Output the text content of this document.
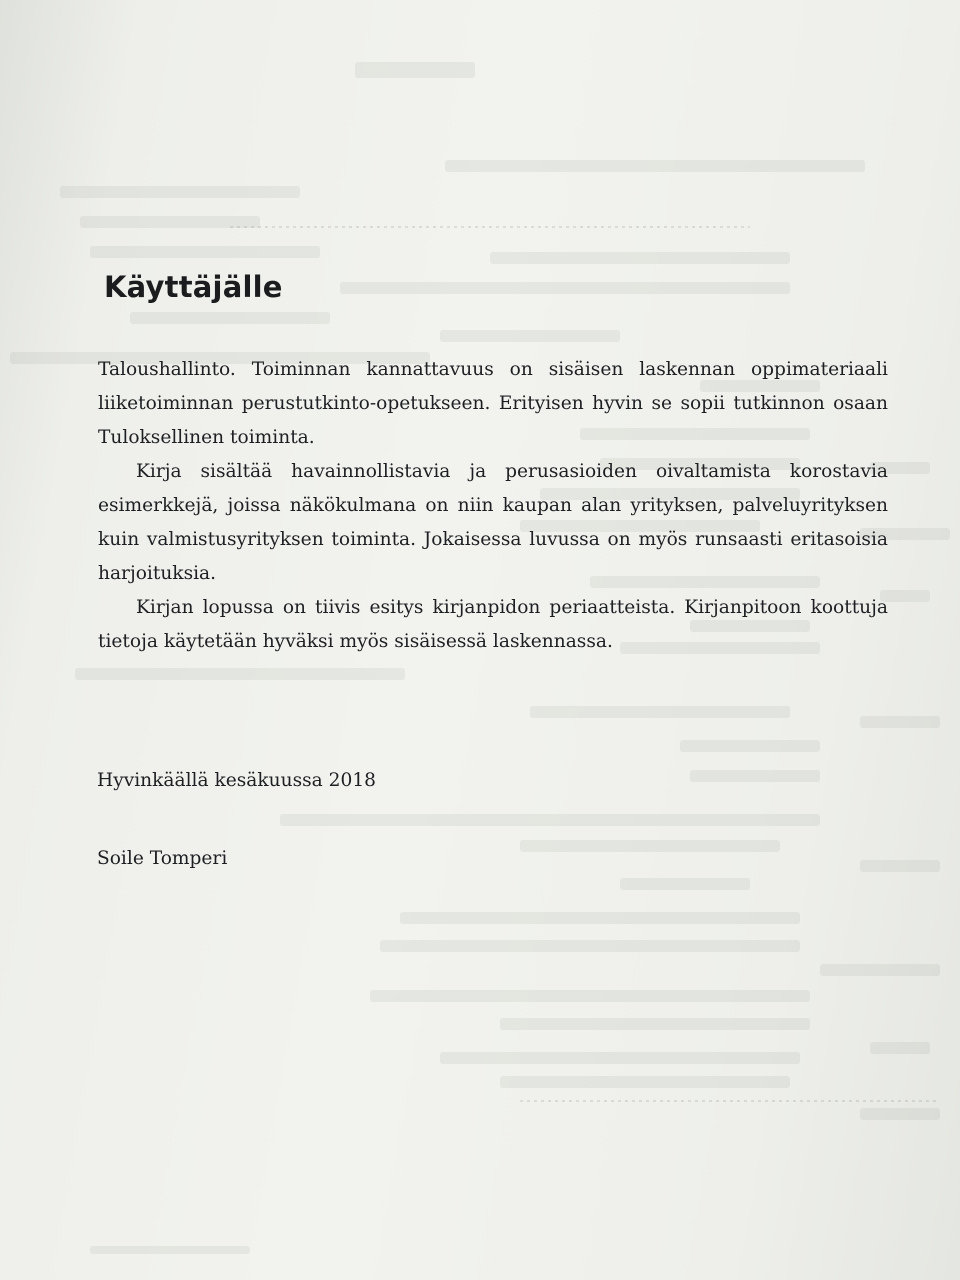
Käyttäjälle

Taloushallinto. Toiminnan kannattavuus on sisäisen laskennan oppimateriaali liiketoiminnan perustutkinto-opetukseen. Erityisen hyvin se sopii tutkinnon osaan Tuloksellinen toiminta.

Kirja sisältää havainnollistavia ja perusasioiden oivaltamista korostavia esimerkkejä, joissa näkökulmana on niin kaupan alan yrityksen, palveluyrityksen kuin valmistusyrityksen toiminta. Jokaisessa luvussa on myös runsaasti eritasoisia harjoituksia.

Kirjan lopussa on tiivis esitys kirjanpidon periaatteista. Kirjanpitoon koottuja tietoja käytetään hyväksi myös sisäisessä laskennassa.

Hyvinkäällä kesäkuussa 2018

Soile Tomperi
